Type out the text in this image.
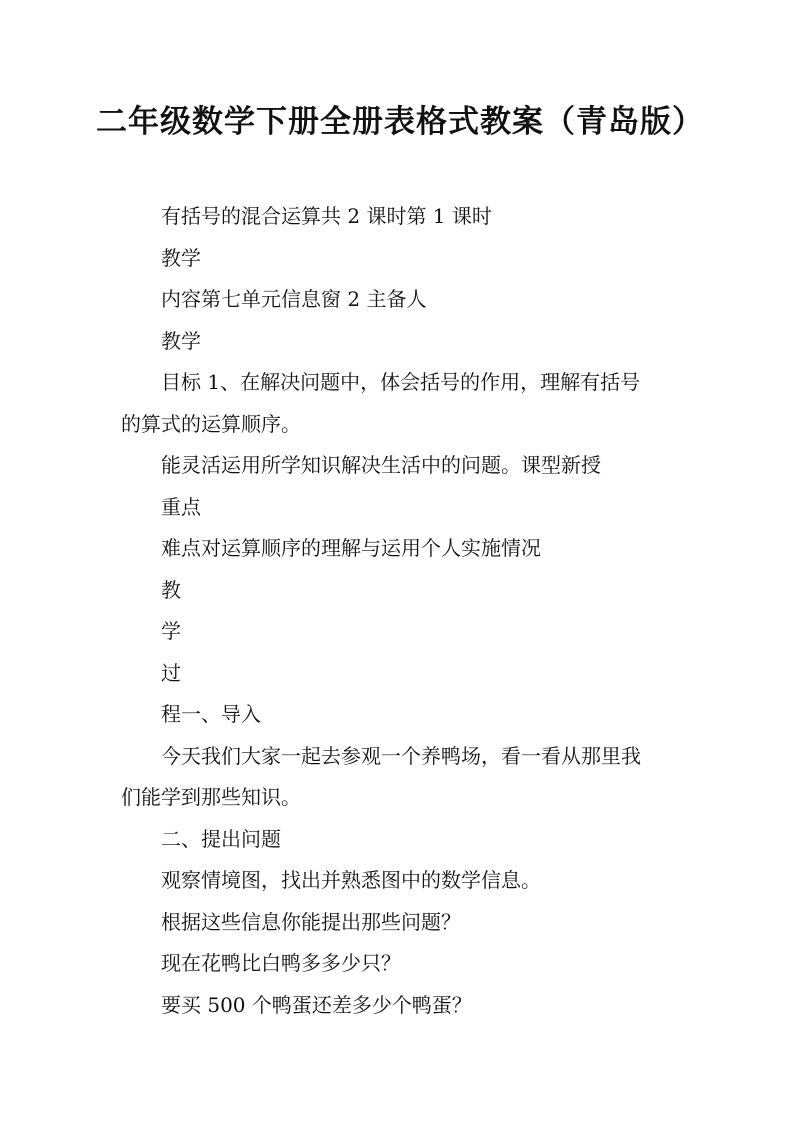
二年级数学下册全册表格式教案（青岛版）

有括号的混合运算共 2 课时第 1 课时

教学

内容第七单元信息窗 2 主备人

教学

目标 1、在解决问题中，体会括号的作用，理解有括号

的算式的运算顺序。

能灵活运用所学知识解决生活中的问题。课型新授

重点

难点对运算顺序的理解与运用个人实施情况

教

学

过

程一、导入

今天我们大家一起去参观一个养鸭场，看一看从那里我

们能学到那些知识。

二、提出问题

观察情境图，找出并熟悉图中的数学信息。

根据这些信息你能提出那些问题？

现在花鸭比白鸭多多少只？

要买 500 个鸭蛋还差多少个鸭蛋？
